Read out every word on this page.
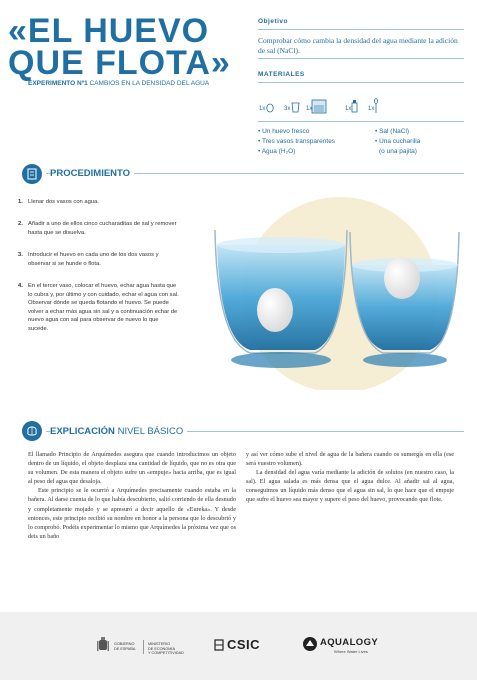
«EL HUEVO
QUE FLOTA»
EXPERIMENTO Nº1 CAMBIOS EN LA DENSIDAD DEL AGUA
Objetivo
Comprobar cómo cambia la densidad del agua mediante la adición de sal (NaCl).
MATERIALES
1x	3x	1x	1x	1x
• Un huevo fresco
• Tres vasos transparentes
• Agua (H₂O)
• Sal (NaCl)
• Una cucharilla
(o una pajita)
PROCEDIMIENTO
1. Llenar dos vasos con agua.
2. Añadir a uno de ellos cinco cucharaditas de sal y remover hasta que se disuelva.
3. Introducir el huevo en cada uno de los dos vasos y observar si se hunde o flota.
4. En el tercer vaso, colocar el huevo, echar agua hasta que lo cubra y, por último y con cuidado, echar el agua con sal. Observar dónde se queda flotando el huevo. Se puede volver a echar más agua sin sal y a continuación echar de nuevo agua con sal para observar de nuevo lo que sucede.
EXPLICACIÓN NIVEL BÁSICO

El llamado Principio de Arquímedes asegura que cuando introducimos un objeto dentro de un líquido, el objeto desplaza una cantidad de líquido, que no es otra que su volumen. De esta manera el objeto sufre un «empuje» hacia arriba, que es igual al peso del agua que desaloja.

Este principio se le ocurrió a Arquímedes precisamente cuando estaba en la bañera. Al darse cuenta de lo que había descubierto, salió corriendo de ella desnudo y completamente mojado y se apresuró a decir aquello de «Eureka». Y desde entonces, este principio recibió su nombre en honor a la persona que lo descubrió y lo comprobó. Podéis experimentar lo mismo que Arquímedes la próxima vez que os deis un baño

y así ver cómo sube el nivel de agua de la bañera cuando os sumergís en ella (ese será vuestro volumen).

La densidad del agua varía mediante la adición de solutos (en nuestro caso, la sal). El agua salada es más densa que el agua dulce. Al añadir sal al agua, conseguimos un líquido más denso que el agua sin sal, lo que hace que el empuje que sufre el huevo sea mayor y supere el peso del huevo, provocando que flote.

GOBIERNO
DE ESPAÑA
MINISTERIO
DE ECONOMÍA
Y COMPETITIVIDAD
CSIC	AQUALOGY
Where Water Lives
